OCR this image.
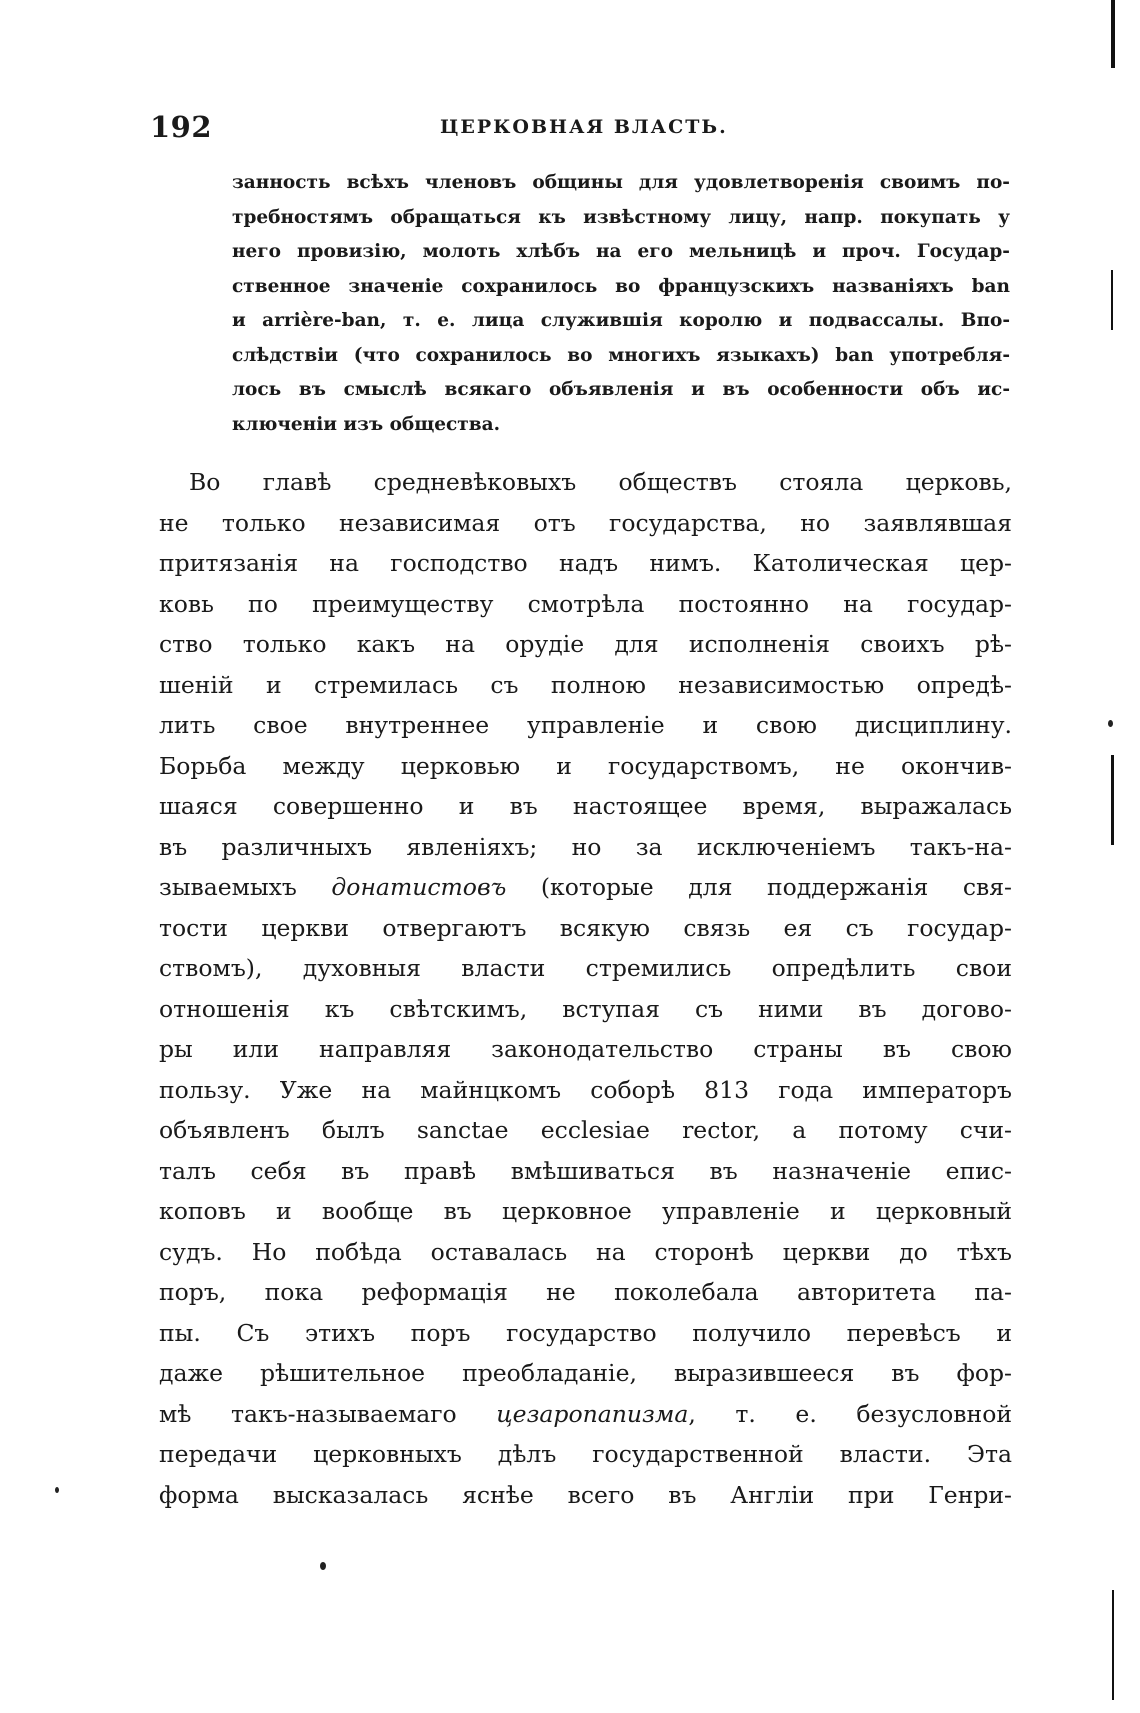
192	ЦЕРКОВНАЯ ВЛАСТЬ.
занность всѣхъ членовъ общины для удовлетворенія своимъ по-
требностямъ обращаться къ извѣстному лицу, напр. покупать у
него провизію, молоть хлѣбъ на его мельницѣ и проч. Государ-
ственное значеніе сохранилось во французскихъ названіяхъ ban
и arrière-ban, т. е. лица служившія королю и подвассалы. Впо-
слѣдствіи (что сохранилось во многихъ языкахъ) ban употребля-
лось въ смыслѣ всякаго объявленія и въ особенности объ ис-
ключеніи изъ общества.
Во главѣ средневѣковыхъ обществъ стояла церковь,
не только независимая отъ государства, но заявлявшая
притязанія на господство надъ нимъ. Католическая цер-
ковь по преимуществу смотрѣла постоянно на государ-
ство только какъ на орудіе для исполненія своихъ рѣ-
шеній и стремилась съ полною независимостью опредѣ-
лить свое внутреннее управленіе и свою дисциплину.
Борьба между церковью и государствомъ, не окончив-
шаяся совершенно и въ настоящее время, выражалась
въ различныхъ явленіяхъ; но за исключеніемъ такъ-на-
зываемыхъ донатистовъ (которые для поддержанія свя-
тости церкви отвергаютъ всякую связь ея съ государ-
ствомъ), духовныя власти стремились опредѣлить свои
отношенія къ свѣтскимъ, вступая съ ними въ догово-
ры или направляя законодательство страны въ свою
пользу. Уже на майнцкомъ соборѣ 813 года императоръ
объявленъ былъ sanctae ecclesiae rector, а потому счи-
талъ себя въ правѣ вмѣшиваться въ назначеніе епис-
коповъ и вообще въ церковное управленіе и церковный
судъ. Но побѣда оставалась на сторонѣ церкви до тѣхъ
поръ, пока реформація не поколебала авторитета па-
пы. Съ этихъ поръ государство получило перевѣсъ и
даже рѣшительное преобладаніе, выразившееся въ фор-
мѣ такъ-называемаго цезаропапизма, т. е. безусловной
передачи церковныхъ дѣлъ государственной власти. Эта
форма высказалась яснѣе всего въ Англіи при Генри-
